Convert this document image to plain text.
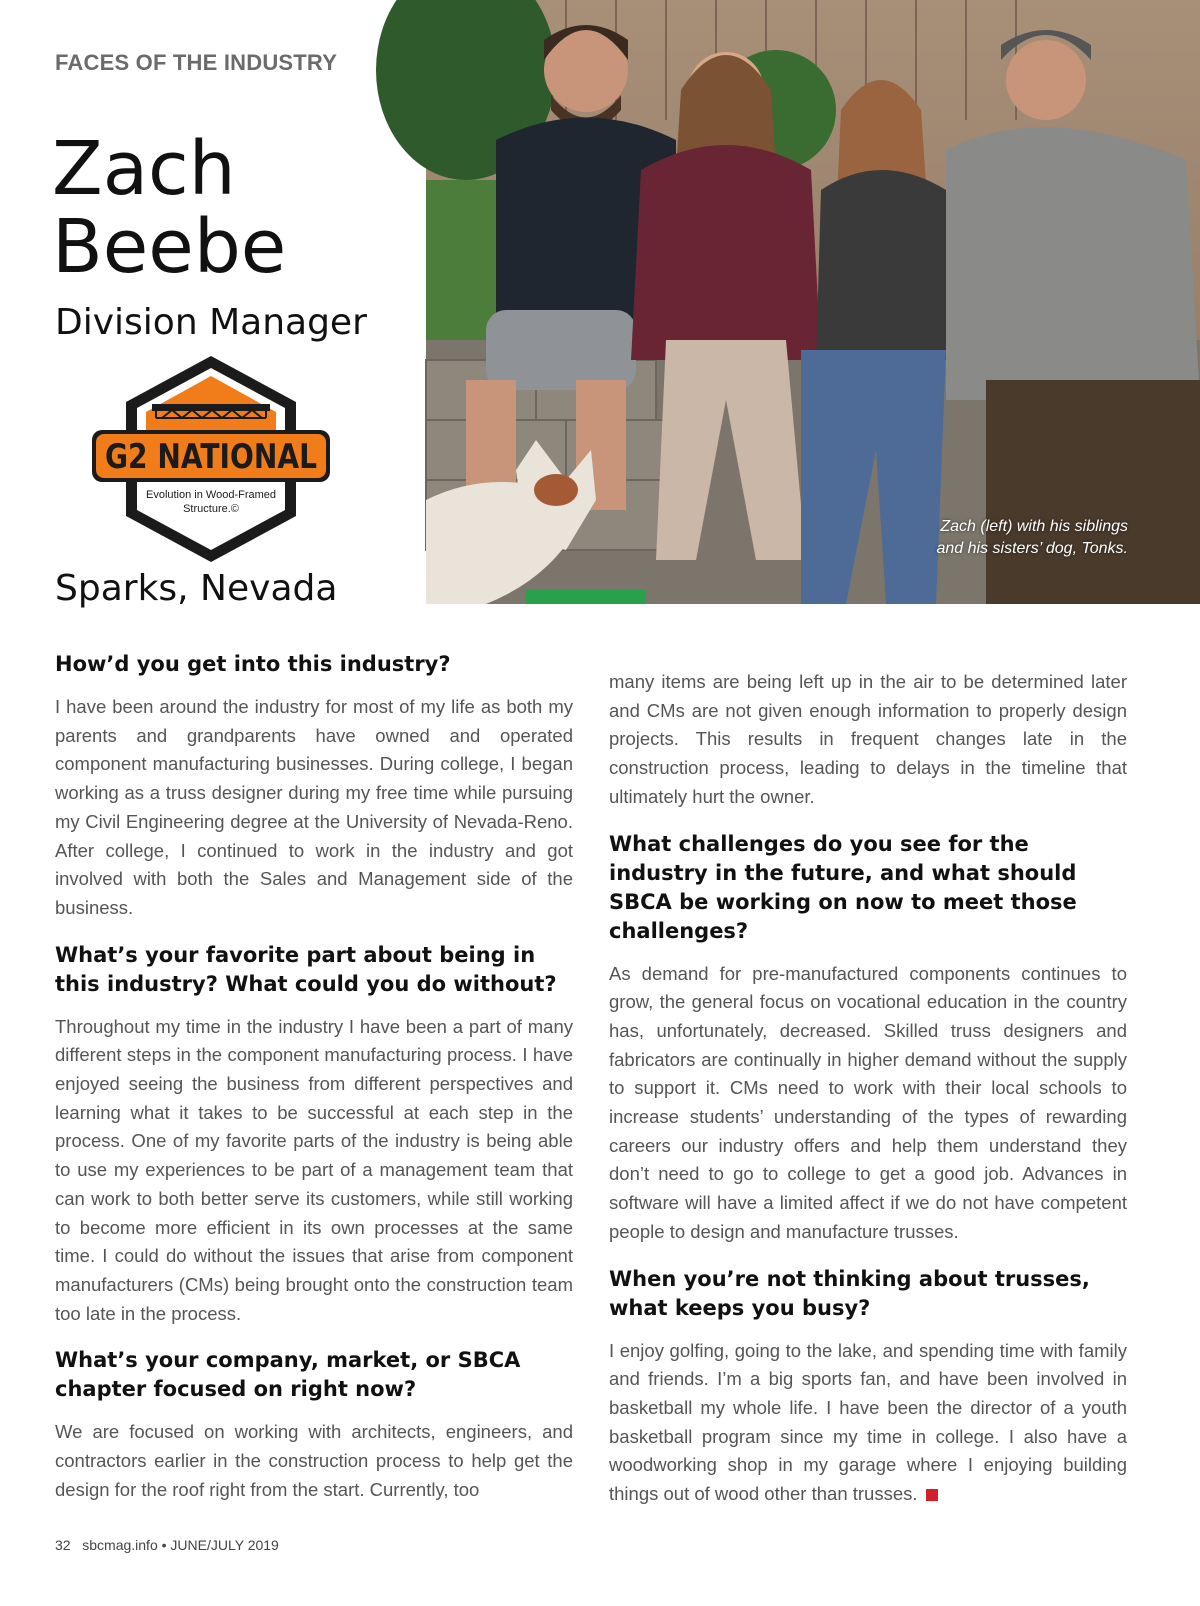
FACES OF THE INDUSTRY
Zach
Beebe
Division Manager
G2 NATIONAL
Evolution in Wood-Framed
Structure.©
Sparks, Nevada
Zach (left) with his siblings
and his sisters’ dog, Tonks.

How’d you get into this industry?

I have been around the industry for most of my life as both my parents and grandparents have owned and operated component manufacturing businesses. During college, I began working as a truss designer during my free time while pursuing my Civil Engineering degree at the University of Nevada-Reno. After college, I continued to work in the industry and got involved with both the Sales and Management side of the business.

What’s your favorite part about being in this industry? What could you do without?

Throughout my time in the industry I have been a part of many different steps in the component manufacturing process. I have enjoyed seeing the business from different perspectives and learning what it takes to be successful at each step in the process. One of my favorite parts of the industry is being able to use my experiences to be part of a management team that can work to both better serve its customers, while still working to become more efficient in its own processes at the same time. I could do without the issues that arise from component manufacturers (CMs) being brought onto the construction team too late in the process.

What’s your company, market, or SBCA chapter focused on right now?

We are focused on working with architects, engineers, and contractors earlier in the construction process to help get the design for the roof right from the start. Currently, too

many items are being left up in the air to be determined later and CMs are not given enough information to properly design projects. This results in frequent changes late in the construction process, leading to delays in the timeline that ultimately hurt the owner.

What challenges do you see for the industry in the future, and what should SBCA be working on now to meet those challenges?

As demand for pre-manufactured components continues to grow, the general focus on vocational education in the country has, unfortunately, decreased. Skilled truss designers and fabricators are continually in higher demand without the supply to support it. CMs need to work with their local schools to increase students’ understanding of the types of rewarding careers our industry offers and help them understand they don’t need to go to college to get a good job. Advances in software will have a limited affect if we do not have competent people to design and manufacture trusses.

When you’re not thinking about trusses, what keeps you busy?

I enjoy golfing, going to the lake, and spending time with family and friends. I’m a big sports fan, and have been involved in basketball my whole life. I have been the director of a youth basketball program since my time in college. I also have a woodworking shop in my garage where I enjoying building things out of wood other than trusses.

32 sbcmag.info • JUNE/JULY 2019
